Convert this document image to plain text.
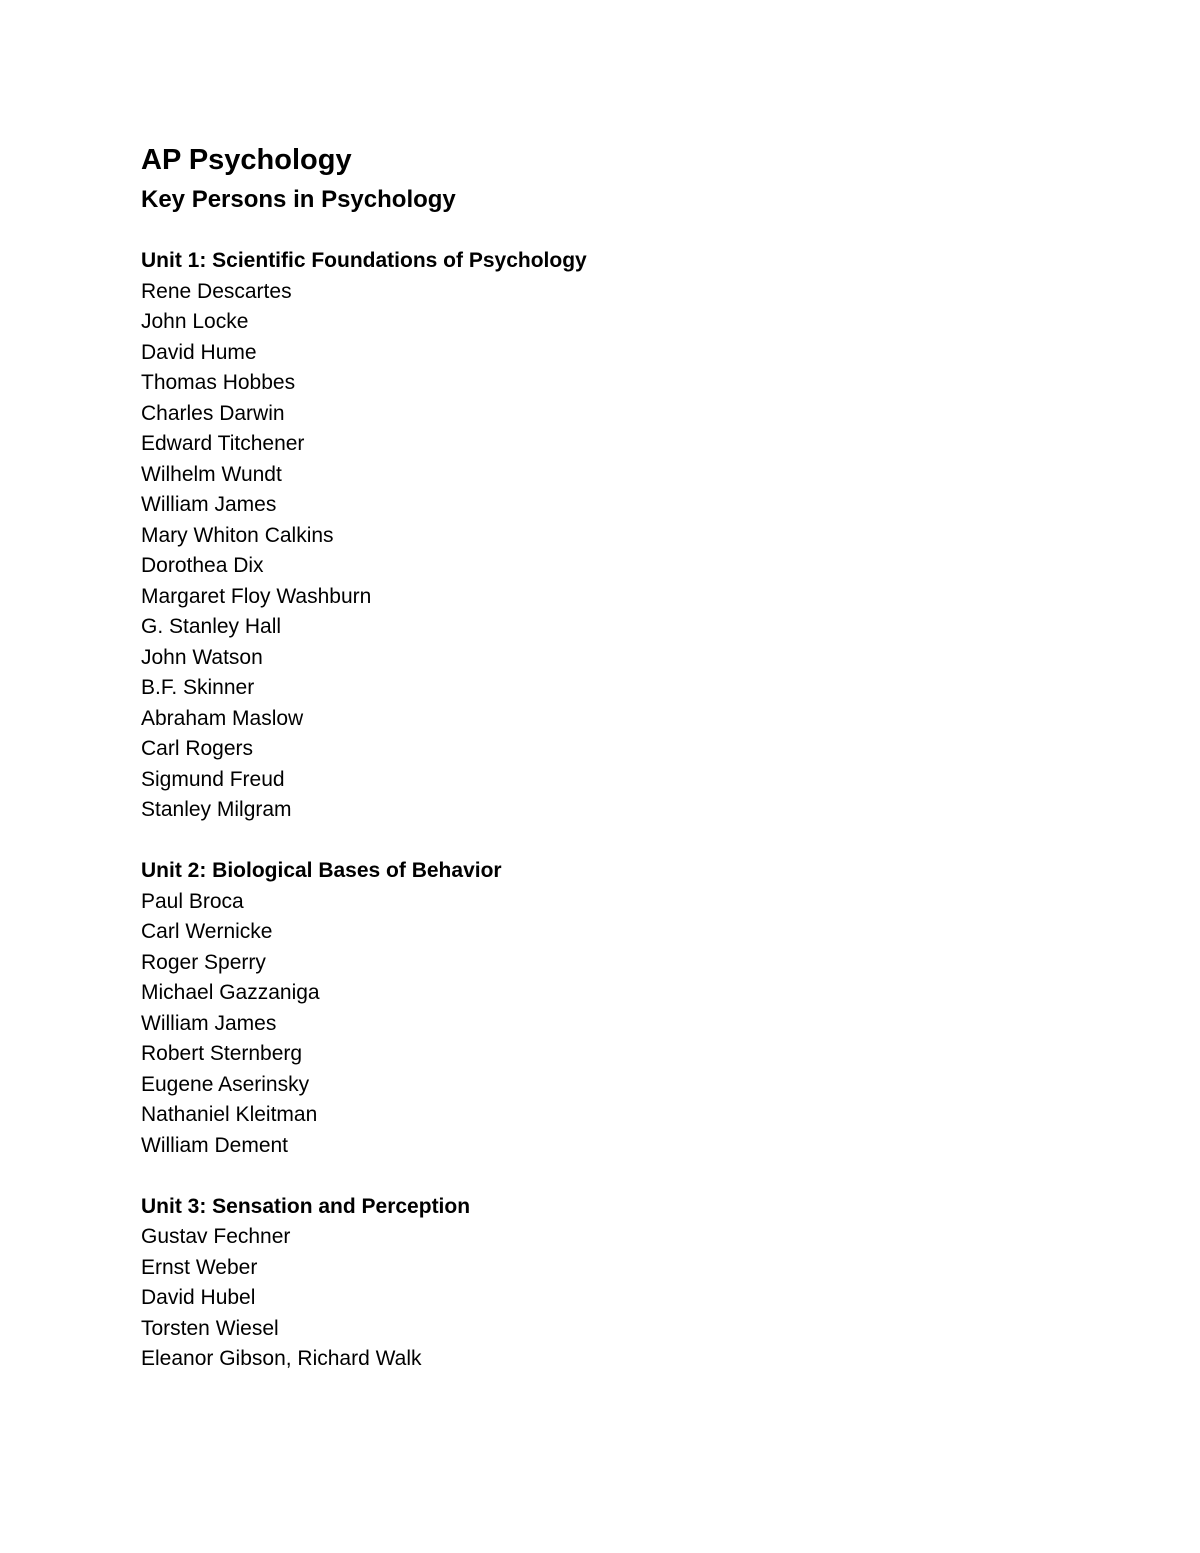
AP Psychology
Key Persons in Psychology
Unit 1: Scientific Foundations of Psychology
Rene Descartes
John Locke
David Hume
Thomas Hobbes
Charles Darwin
Edward Titchener
Wilhelm Wundt
William James
Mary Whiton Calkins
Dorothea Dix
Margaret Floy Washburn
G. Stanley Hall
John Watson
B.F. Skinner
Abraham Maslow
Carl Rogers
Sigmund Freud
Stanley Milgram
Unit 2: Biological Bases of Behavior
Paul Broca
Carl Wernicke
Roger Sperry
Michael Gazzaniga
William James
Robert Sternberg
Eugene Aserinsky
Nathaniel Kleitman
William Dement
Unit 3: Sensation and Perception
Gustav Fechner
Ernst Weber
David Hubel
Torsten Wiesel
Eleanor Gibson, Richard Walk
